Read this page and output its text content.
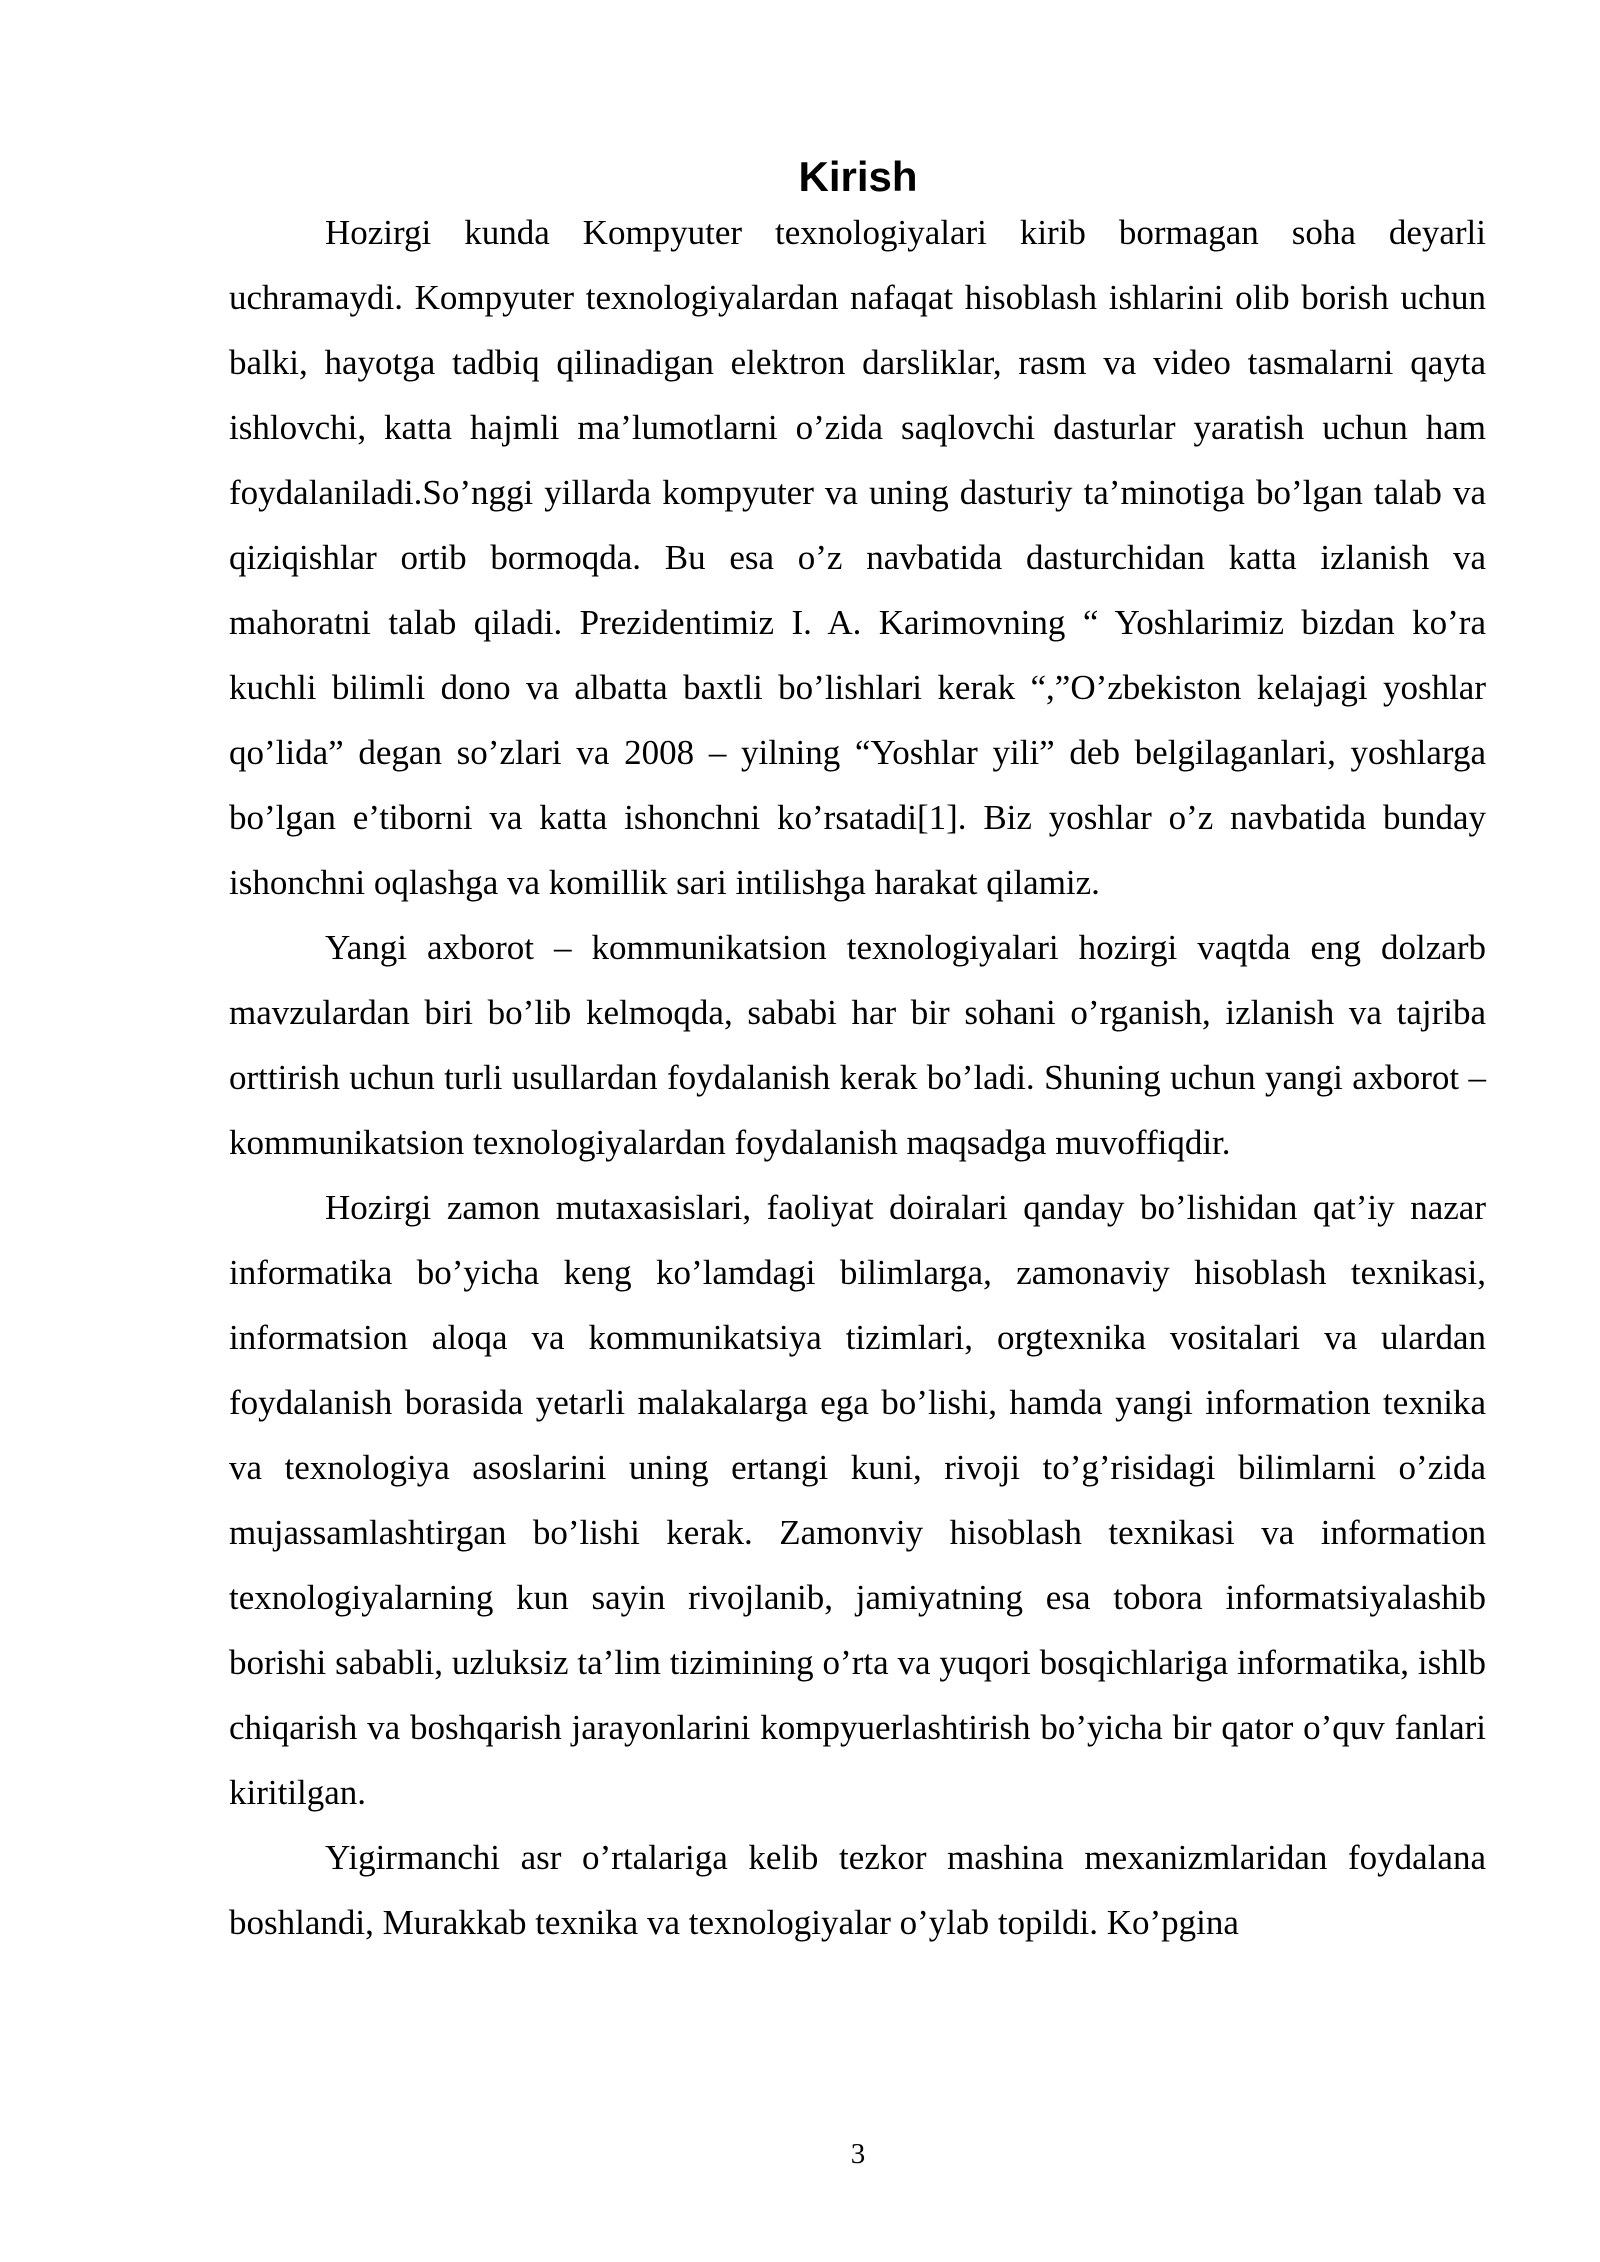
Kirish

Hozirgi kunda Kompyuter texnologiyalari kirib bormagan soha deyarli uchramaydi. Kompyuter texnologiyalardan nafaqat hisoblash ishlarini olib borish uchun balki, hayotga tadbiq qilinadigan elektron darsliklar, rasm va video tasmalarni qayta ishlovchi, katta hajmli ma’lumotlarni o’zida saqlovchi dasturlar yaratish uchun ham foydalaniladi.So’nggi yillarda kompyuter va uning dasturiy ta’minotiga bo’lgan talab va qiziqishlar ortib bormoqda. Bu esa o’z navbatida dasturchidan katta izlanish va mahoratni talab qiladi. Prezidentimiz I. A. Karimovning “ Yoshlarimiz bizdan ko’ra kuchli bilimli dono va albatta baxtli bo’lishlari kerak “,”O’zbekiston kelajagi yoshlar qo’lida” degan so’zlari va 2008 – yilning “Yoshlar yili” deb belgilaganlari, yoshlarga bo’lgan e’tiborni va katta ishonchni ko’rsatadi[1]. Biz yoshlar o’z navbatida bunday ishonchni oqlashga va komillik sari intilishga harakat qilamiz.

Yangi axborot – kommunikatsion texnologiyalari hozirgi vaqtda eng dolzarb mavzulardan biri bo’lib kelmoqda, sababi har bir sohani o’rganish, izlanish va tajriba orttirish uchun turli usullardan foydalanish kerak bo’ladi. Shuning uchun yangi axborot – kommunikatsion texnologiyalardan foydalanish maqsadga muvoffiqdir.

Hozirgi zamon mutaxasislari, faoliyat doiralari qanday bo’lishidan qat’iy nazar informatika bo’yicha keng ko’lamdagi bilimlarga, zamonaviy hisoblash texnikasi, informatsion aloqa va kommunikatsiya tizimlari, orgtexnika vositalari va ulardan foydalanish borasida yetarli malakalarga ega bo’lishi, hamda yangi information texnika va texnologiya asoslarini uning ertangi kuni, rivoji to’g’risidagi bilimlarni o’zida mujassamlashtirgan bo’lishi kerak. Zamonviy hisoblash texnikasi va information texnologiyalarning kun sayin rivojlanib, jamiyatning esa tobora informatsiyalashib borishi sababli, uzluksiz ta’lim tizimining o’rta va yuqori bosqichlariga informatika, ishlb chiqarish va boshqarish jarayonlarini kompyuerlashtirish bo’yicha bir qator o’quv fanlari kiritilgan.

Yigirmanchi asr o’rtalariga kelib tezkor mashina mexanizmlaridan foydalana boshlandi, Murakkab texnika va texnologiyalar o’ylab topildi. Ko’pgina

3
